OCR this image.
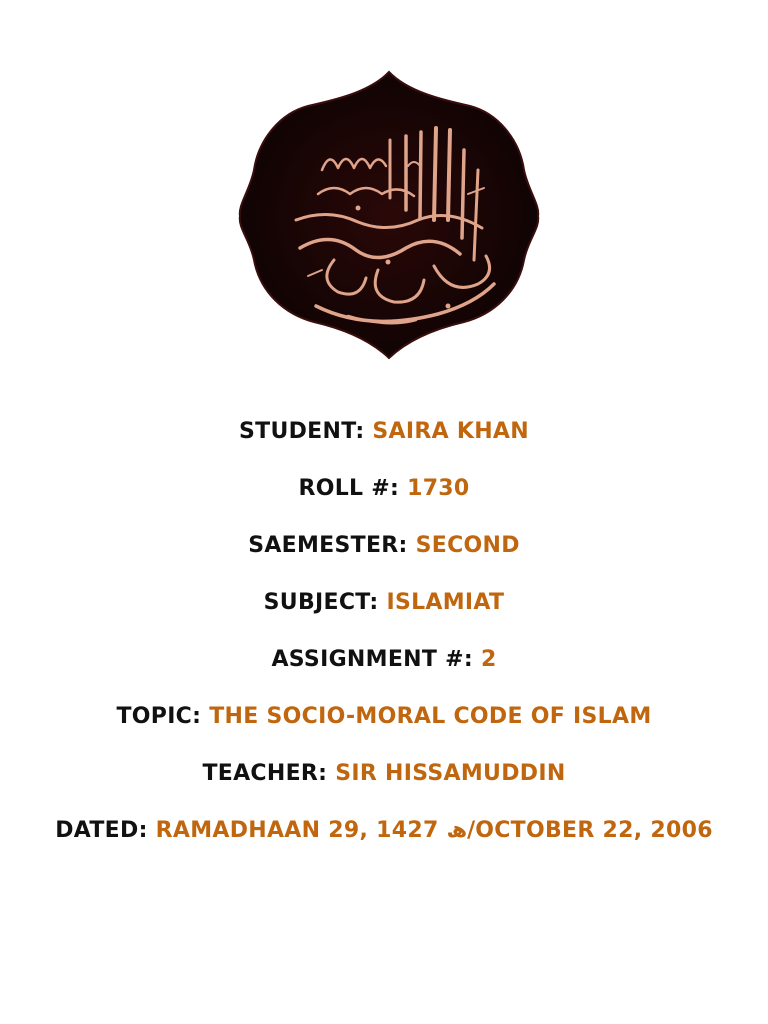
STUDENT: SAIRA KHAN
ROLL #: 1730
SAEMESTER: SECOND
SUBJECT: ISLAMIAT
ASSIGNMENT #: 2
TOPIC: THE SOCIO-MORAL CODE OF ISLAM
TEACHER: SIR HISSAMUDDIN
DATED: RAMADHAAN 29, 1427 ھ/OCTOBER 22, 2006
